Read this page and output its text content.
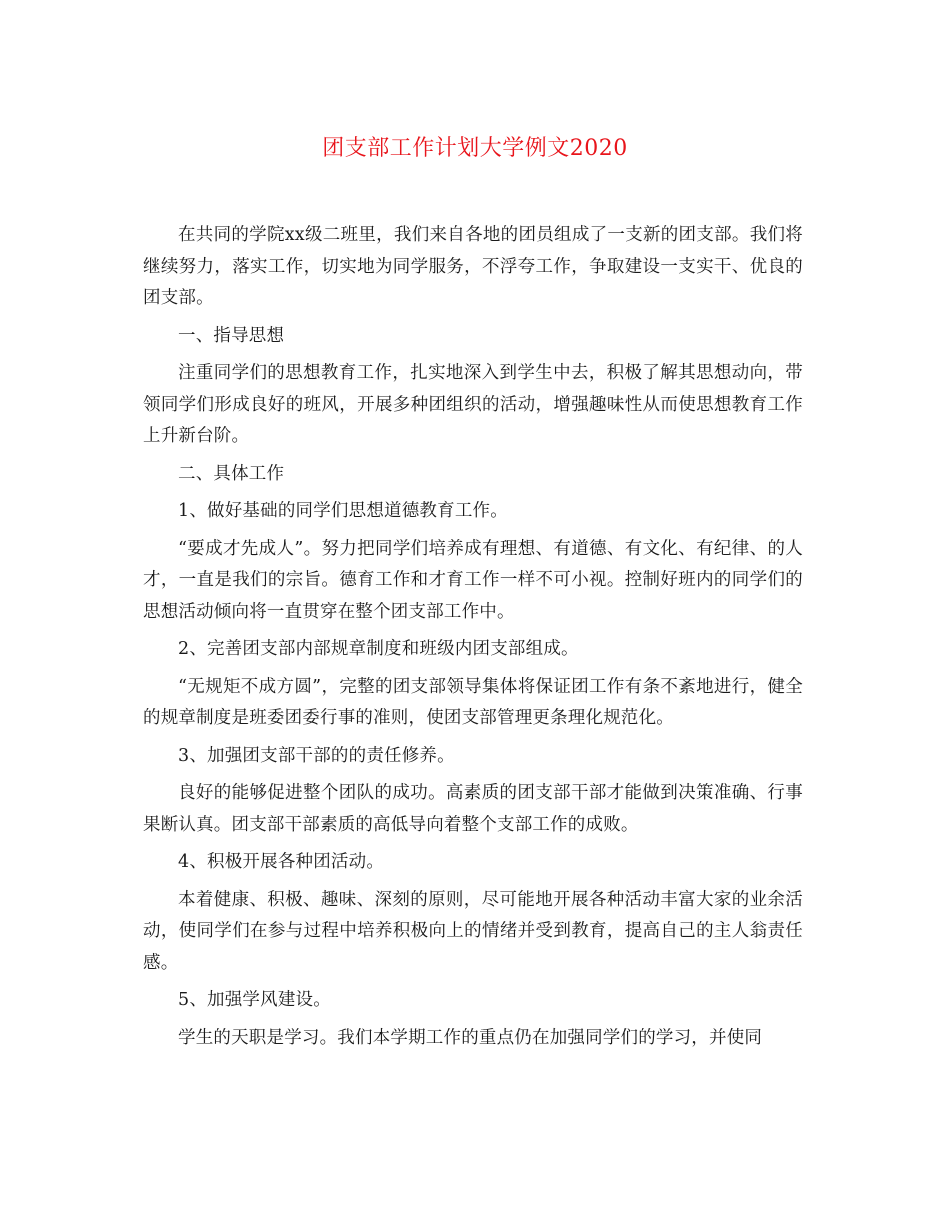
团支部工作计划大学例文2020

在共同的学院xx级二班里，我们来自各地的团员组成了一支新的团支部。我们将继续努力，落实工作，切实地为同学服务，不浮夸工作，争取建设一支实干、优良的团支部。

一、指导思想

注重同学们的思想教育工作，扎实地深入到学生中去，积极了解其思想动向，带领同学们形成良好的班风，开展多种团组织的活动，增强趣味性从而使思想教育工作上升新台阶。

二、具体工作

1、做好基础的同学们思想道德教育工作。

“要成才先成人”。努力把同学们培养成有理想、有道德、有文化、有纪律、的人才，一直是我们的宗旨。德育工作和才育工作一样不可小视。控制好班内的同学们的思想活动倾向将一直贯穿在整个团支部工作中。

2、完善团支部内部规章制度和班级内团支部组成。

“无规矩不成方圆”，完整的团支部领导集体将保证团工作有条不紊地进行，健全的规章制度是班委团委行事的准则，使团支部管理更条理化规范化。

3、加强团支部干部的的责任修养。

良好的能够促进整个团队的成功。高素质的团支部干部才能做到决策准确、行事果断认真。团支部干部素质的高低导向着整个支部工作的成败。

4、积极开展各种团活动。

本着健康、积极、趣味、深刻的原则，尽可能地开展各种活动丰富大家的业余活动，使同学们在参与过程中培养积极向上的情绪并受到教育，提高自己的主人翁责任感。

5、加强学风建设。

学生的天职是学习。我们本学期工作的重点仍在加强同学们的学习，并使同
